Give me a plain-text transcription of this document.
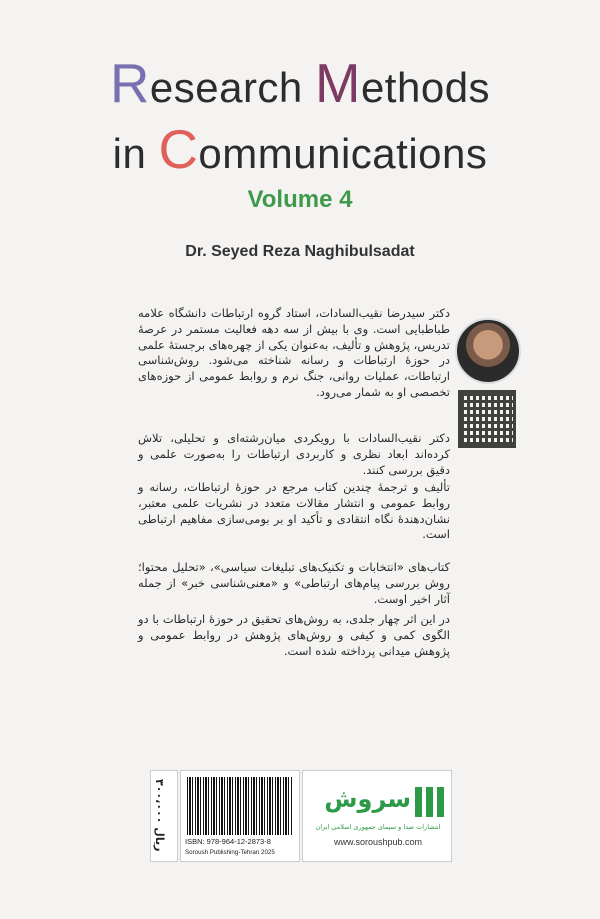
Research Methods
in Communications
Volume 4
Dr. Seyed Reza Naghibulsadat

دکتر سیدرضا نقیب‌السادات، استاد گروه ارتباطات دانشگاه علامه طباطبایی است. وی با بیش از سه دهه فعالیت مستمر در عرصهٔ تدریس، پژوهش و تألیف، به‌عنوان یکی از چهره‌های برجستهٔ علمی در حوزهٔ ارتباطات و رسانه شناخته می‌شود. روش‌شناسی ارتباطات، عملیات روانی، جنگ نرم و روابط عمومی از حوزه‌های تخصصی او به شمار می‌رود.

دکتر نقیب‌السادات با رویکردی میان‌رشته‌ای و تحلیلی، تلاش کرده‌اند ابعاد نظری و کاربردی ارتباطات را به‌صورت علمی و دقیق بررسی کنند.

تألیف و ترجمهٔ چندین کتاب مرجع در حوزهٔ ارتباطات، رسانه و روابط عمومی و انتشار مقالات متعدد در نشریات علمی معتبر، نشان‌دهندهٔ نگاه انتقادی و تأکید او بر بومی‌سازی مفاهیم ارتباطی است.

کتاب‌های «انتخابات و تکنیک‌های تبلیغات سیاسی»، «تحلیل محتوا؛ روش بررسی پیام‌های ارتباطی» و «معنی‌شناسی خبر» از جمله آثار اخیر اوست.

در این اثر چهار جلدی، به روش‌های تحقیق در حوزهٔ ارتباطات با دو الگوی کمی و کیفی و روش‌های پژوهش در روابط عمومی و پژوهش میدانی پرداخته شده است.

۳۰۰،۰۰۰ ریال	ISBN: 978-964-12-2873-8
Soroush Publishing-Tehran 2025
سروش
انتشارات صدا و سیمای جمهوری اسلامی ایران
www.soroushpub.com
